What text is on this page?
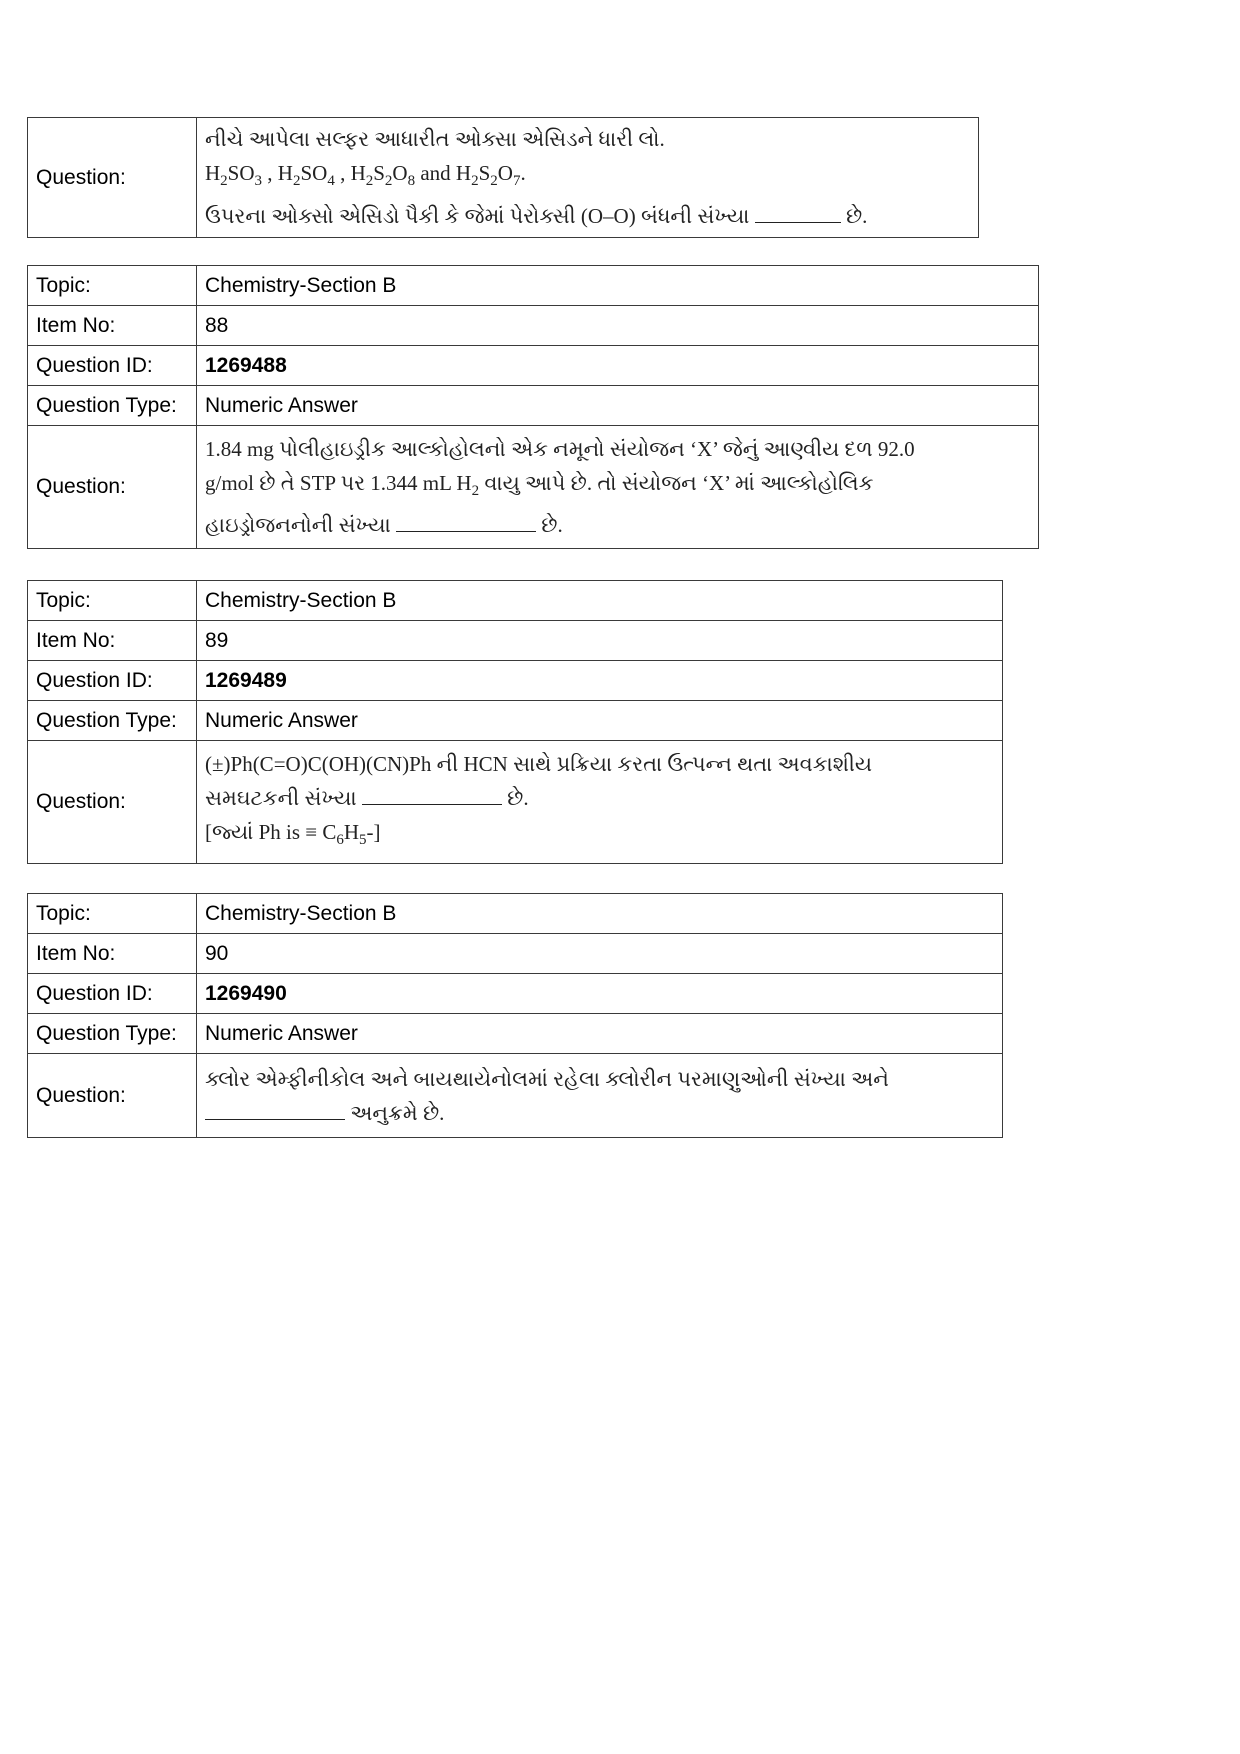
Question:	
નીચે આપેલા સલ્ફર આધારીત ઓક્સા એસિડને ધારી લો.
$H_2SO_3$ , $H_2SO_4$ , $H_2S_2O_8$ and $H_2S_2O_7$.
ઉપરના ઓક્સો એસિડો પૈકી કે જેમાં પેરોક્સી (O–O) બંધની સંખ્યા	છે.
Topic:	Chemistry-Section B
Item No:	88
Question ID:	1269488
Question Type:	Numeric Answer
Question:	1.84 mg પોલીહાઇડ્રીક આલ્કોહોલનો એક નમૂનો સંયોજન ‘X’ જેનું આણ્વીય દળ 92.0
g/mol છે તે STP પર 1.344 mL $H_2$ વાયુ આપે છે. તો સંયોજન ‘X’ માં આલ્કોહોલિક
હાઇડ્રોજનનોની સંખ્યા છે.
Topic:	Chemistry-Section B
Item No:	89
Question ID:	1269489
Question Type:	Numeric Answer
Question:	(±)Ph(C=O)C(OH)(CN)Ph ની HCN સાથે પ્રક્રિયા કરતા ઉત્પન્ન થતા અવકાશીય
સમઘટકની સંખ્યા છે.
[જ્યાં Ph is ≡ $C_6H_5-$]
Topic:	Chemistry-Section B
Item No:	90
Question ID:	1269490
Question Type:	Numeric Answer
Question:	ક્લોર એમ્ફીનીકોલ અને બાયથાયેનોલમાં રહેલા ક્લોરીન પરમાણુઓની સંખ્યા અને
અનુક્રમે છે.
